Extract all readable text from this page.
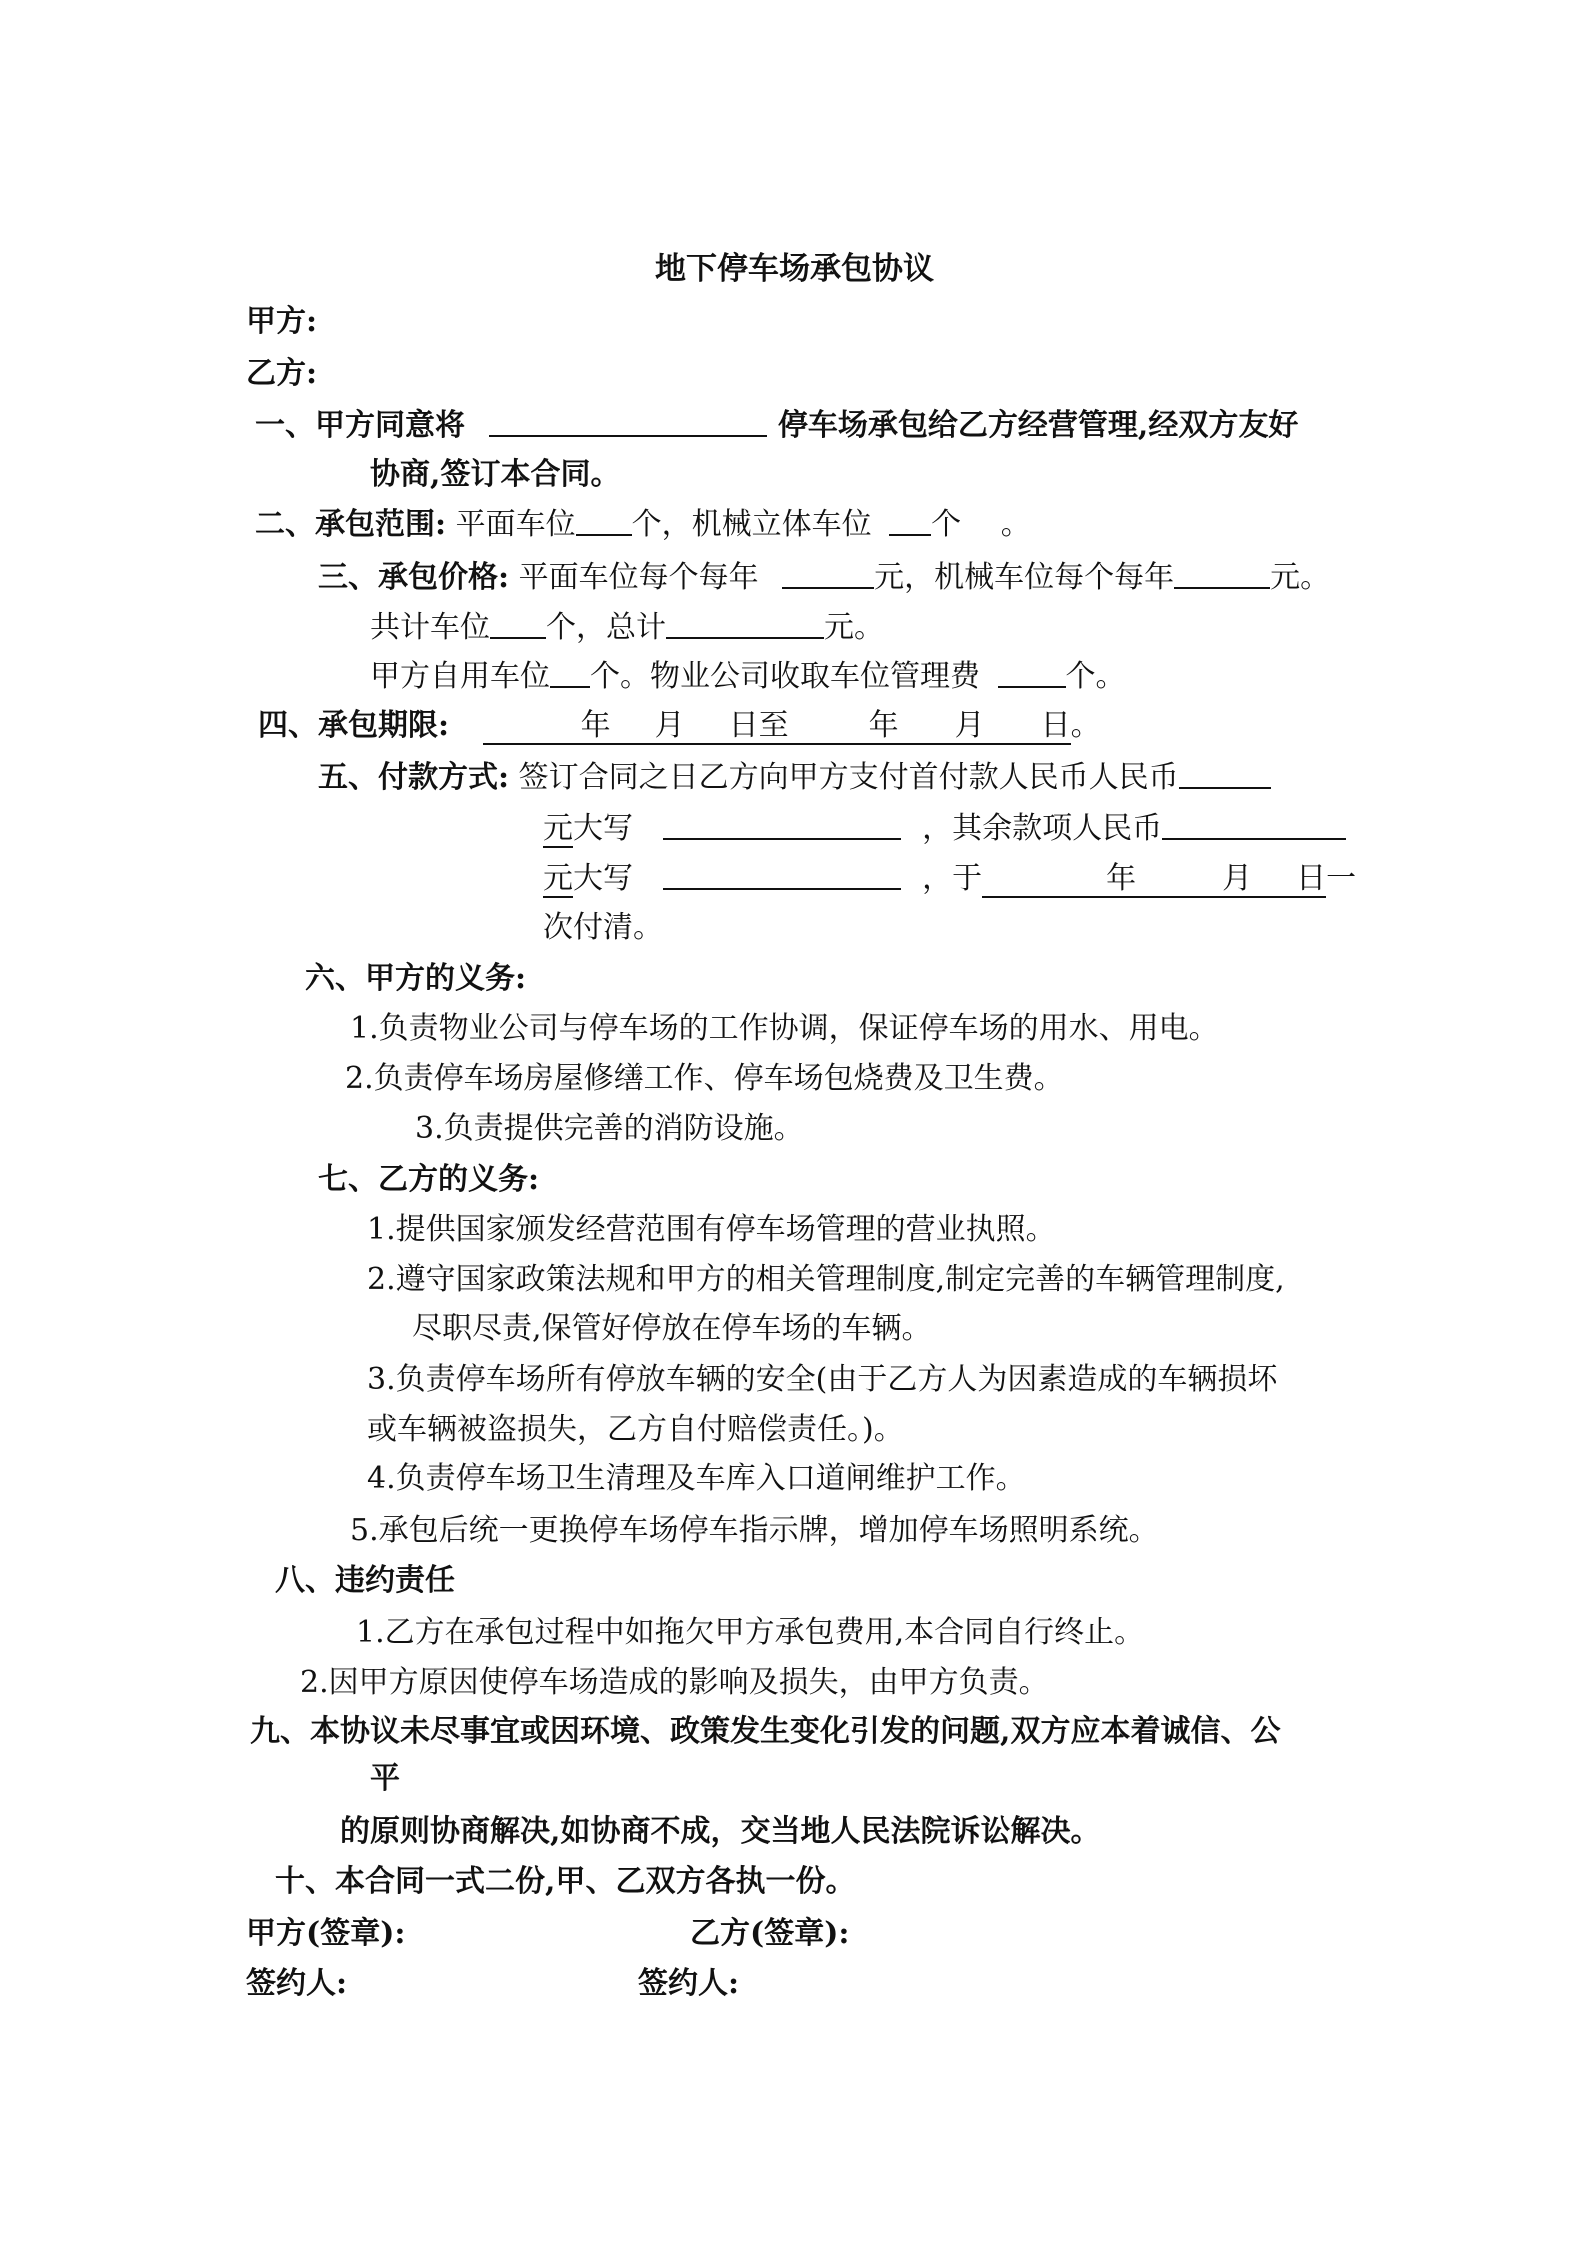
地下停车场承包协议
甲方:
乙方:
一、甲方同意将	停车场承包给乙方经营管理,经双方友好
协商,签订本合同。
二、承包范围: 平面车位 个，机械立体车位 个 。
三、承包价格: 平面车位每个每年	元，机械车位每个每年	元。
共计车位 个，总计	元。
甲方自用车位 个。物业公司收取车位管理费	个。
四、承包期限:	年 月 日至	年 月 日。
五、付款方式: 签订合同之日乙方向甲方支付首付款人民币人民币
元大写	，其余款项人民币
元大写	，于	年	月 日一
次付清。
六、甲方的义务:
1.负责物业公司与停车场的工作协调，保证停车场的用水、用电。
2.负责停车场房屋修缮工作、停车场包烧费及卫生费。
3.负责提供完善的消防设施。
七、乙方的义务:
1.提供国家颁发经营范围有停车场管理的营业执照。
2.遵守国家政策法规和甲方的相关管理制度,制定完善的车辆管理制度,
尽职尽责,保管好停放在停车场的车辆。
3.负责停车场所有停放车辆的安全(由于乙方人为因素造成的车辆损坏
或车辆被盗损失，乙方自付赔偿责任。)。
4.负责停车场卫生清理及车库入口道闸维护工作。
5.承包后统一更换停车场停车指示牌，增加停车场照明系统。
八、违约责任
1.乙方在承包过程中如拖欠甲方承包费用,本合同自行终止。
2.因甲方原因使停车场造成的影响及损失，由甲方负责。
九、本协议未尽事宜或因环境、政策发生变化引发的问题,双方应本着诚信、公
平
的原则协商解决,如协商不成，交当地人民法院诉讼解决。
十、本合同一式二份,甲、乙双方各执一份。
甲方(签章):	乙方(签章):
签约人:	签约人:
